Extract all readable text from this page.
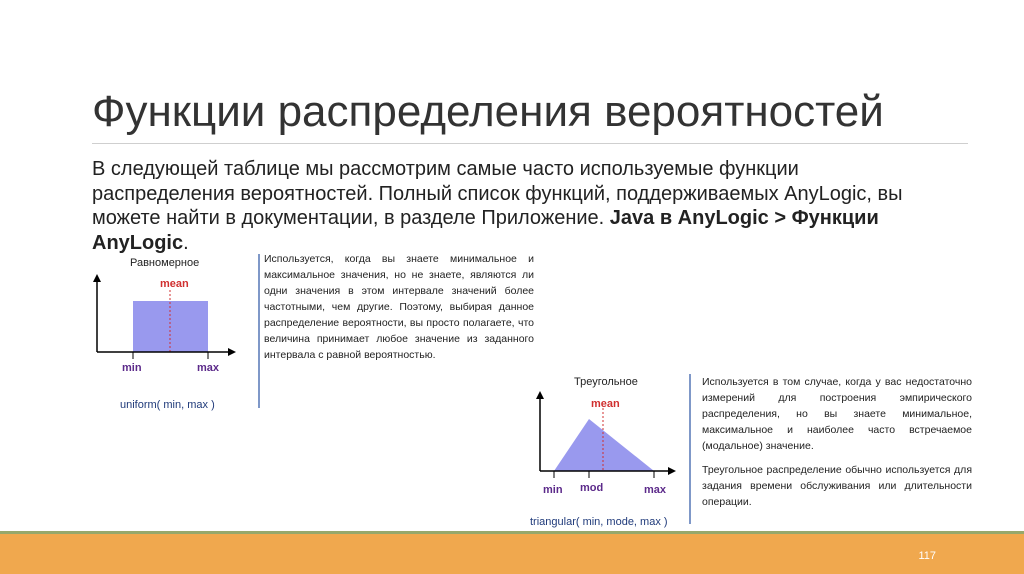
Функции распределения вероятностей
В следующей таблице мы рассмотрим самые часто используемые функции распределения вероятностей. Полный список функций, поддерживаемых AnyLogic, вы можете найти в документации, в разделе Приложение. Java в AnyLogic > Функции AnyLogic.
Равномерное
mean
min	max
uniform( min, max )

Используется, когда вы знаете минимальное и максимальное значения, но не знаете, являются ли одни значения в этом интервале значений более частотными, чем другие. Поэтому, выбирая данное распределение вероятности, вы просто полагаете, что величина принимает любое значение из заданного интервала с равной вероятностью.

Треугольное
mean
min mod	max
triangular( min, mode, max )

Используется в том случае, когда у вас недостаточно измерений для построения эмпирического распределения, но вы знаете минимальное, максимальное и наиболее часто встречаемое (модальное) значение.

Треугольное распределение обычно используется для задания времени обслуживания или длительности операции.

117
